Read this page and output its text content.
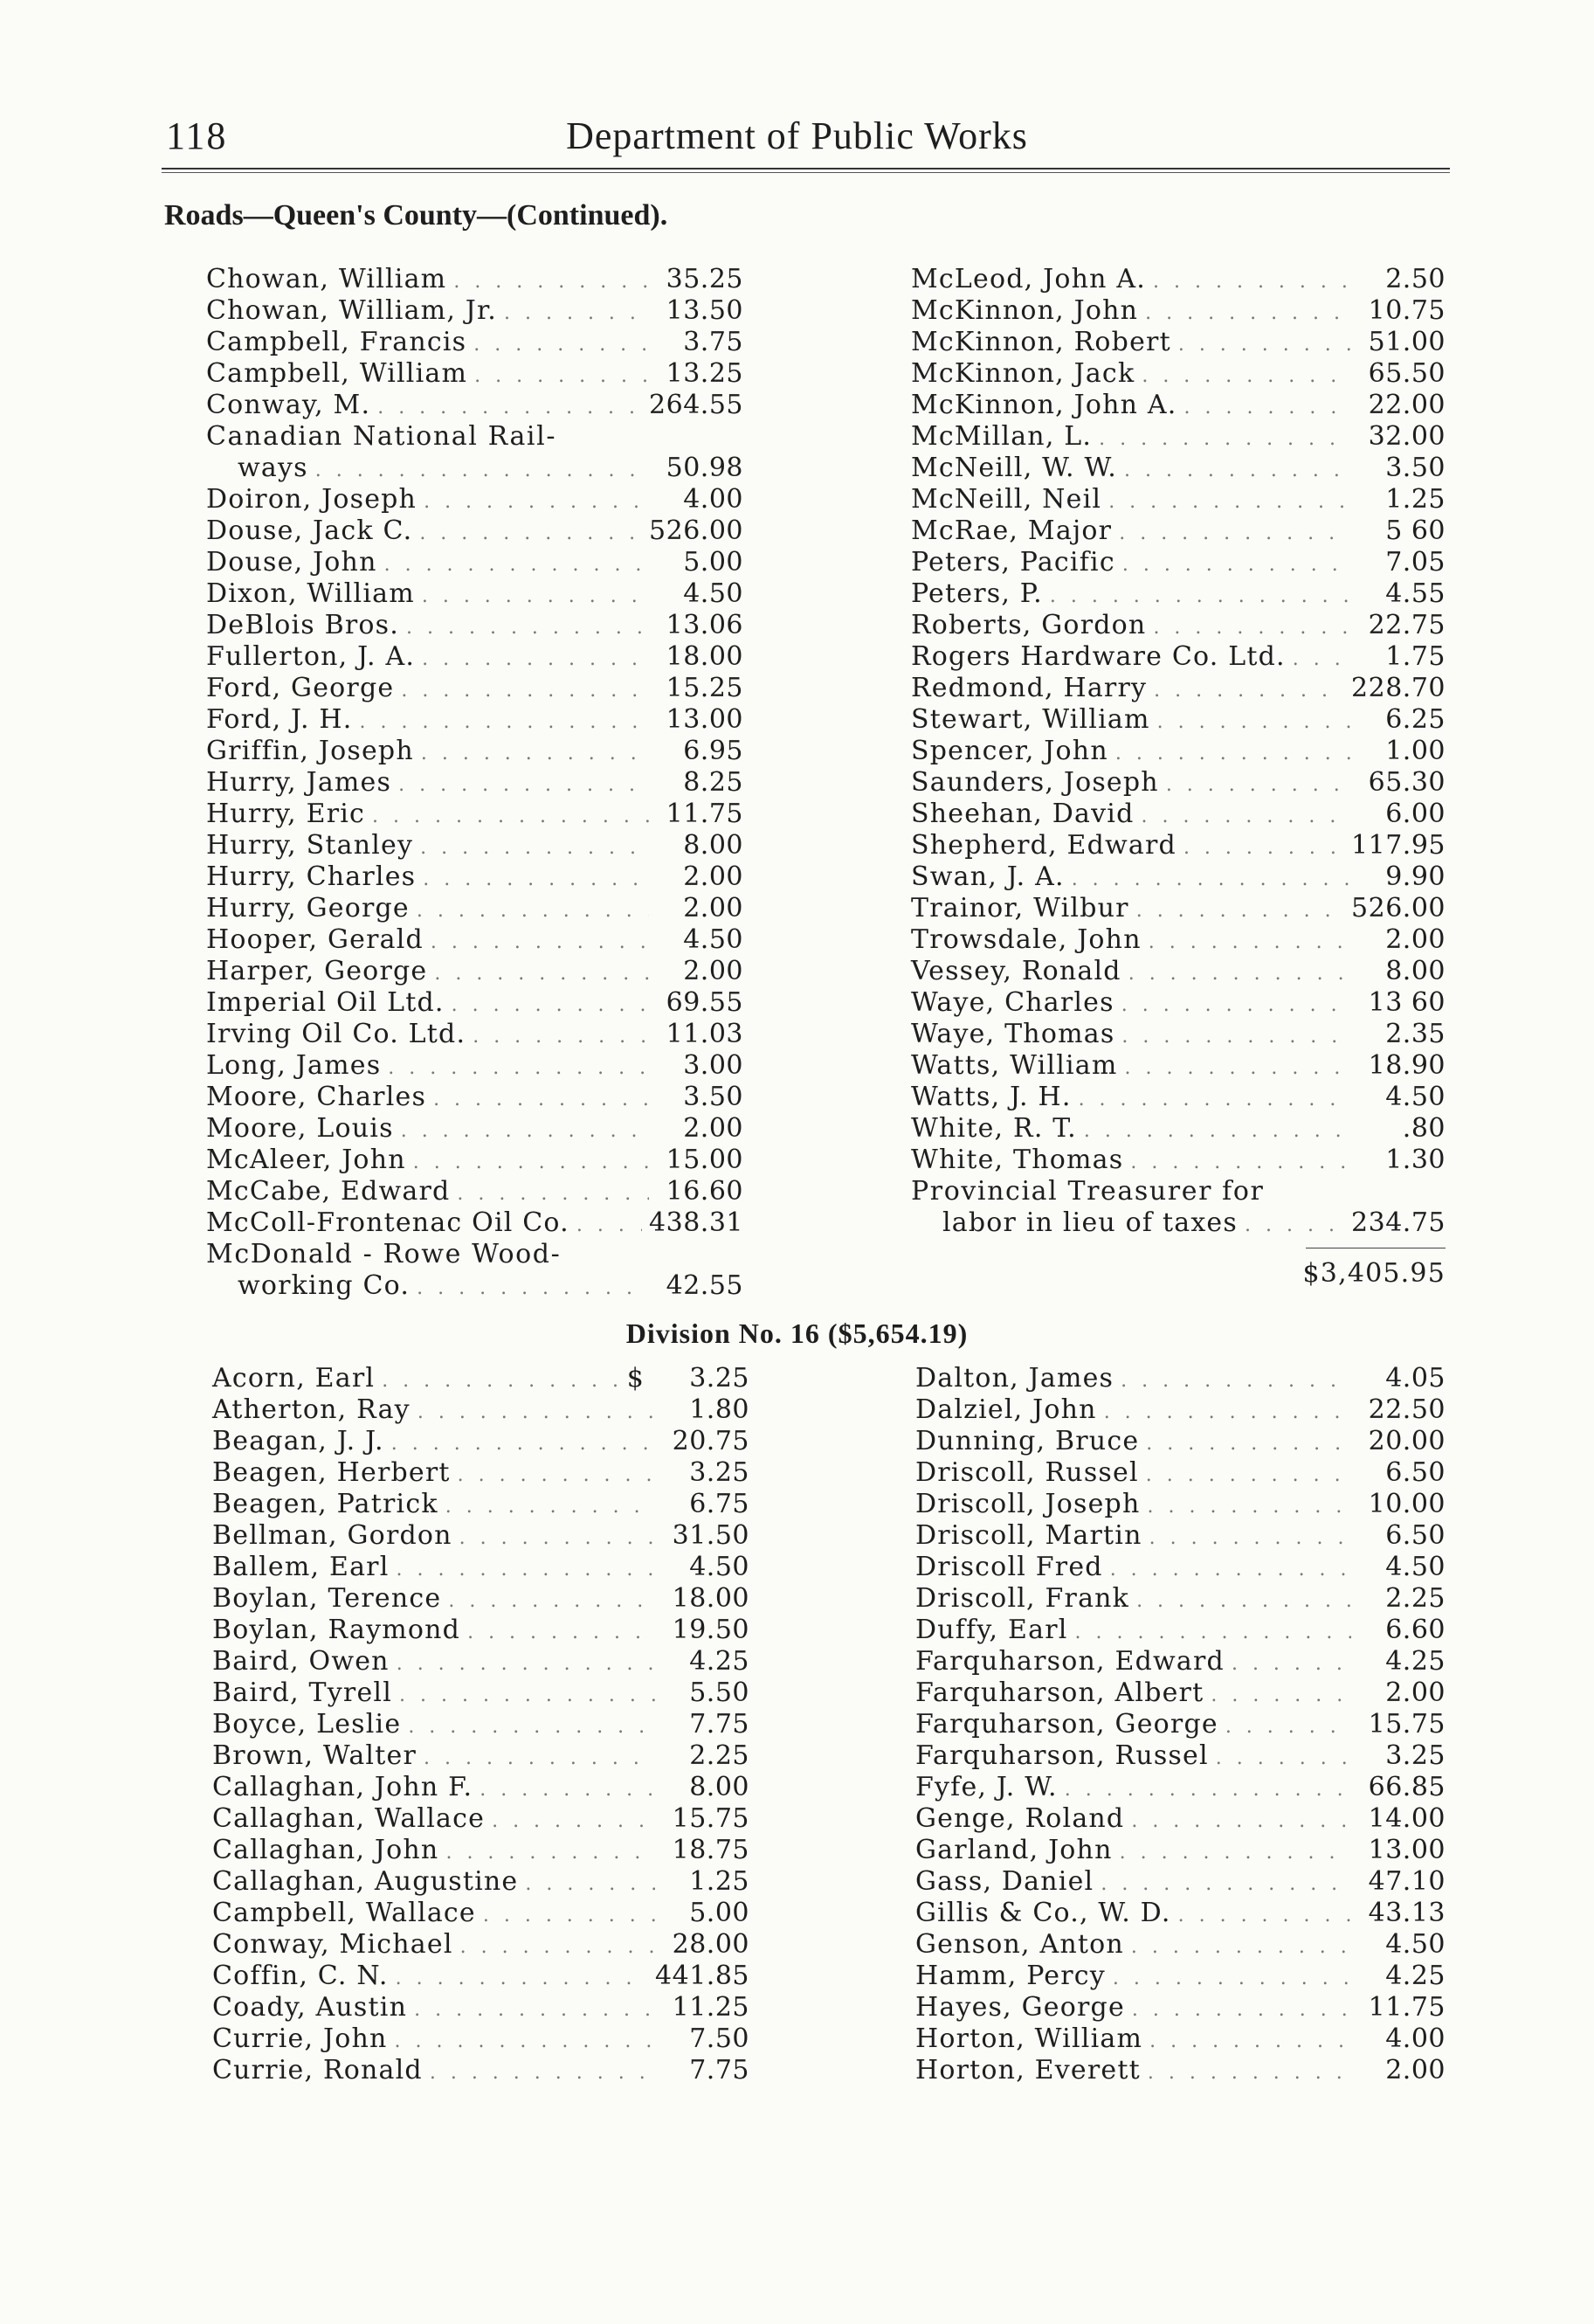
118	Department of Public Works
Roads—Queen's County—(Continued).
Chowan, William . . .	35.25
Chowan, William, Jr. . . .	13.50
Campbell, Francis . . .	3.75
Campbell, William . . .	13.25
Conway, M. . . .	264.55
Canadian National Rail-
ways . . .	50.98
Doiron, Joseph . . .	4.00
Douse, Jack C. . . .	526.00
Douse, John . . .	5.00
Dixon, William . . .	4.50
DeBlois Bros. . . .	13.06
Fullerton, J. A. . . .	18.00
Ford, George . . .	15.25
Ford, J. H. . . .	13.00
Griffin, Joseph . . .	6.95
Hurry, James . . .	8.25
Hurry, Eric . . .	11.75
Hurry, Stanley . . .	8.00
Hurry, Charles . . .	2.00
Hurry, George . . .	2.00
Hooper, Gerald . . .	4.50
Harper, George . . .	2.00
Imperial Oil Ltd. . . .	69.55
Irving Oil Co. Ltd. . . .	11.03
Long, James . . .	3.00
Moore, Charles . . .	3.50
Moore, Louis . . .	2.00
McAleer, John . . .	15.00
McCabe, Edward . . .	16.60
McColl-Frontenac Oil Co. . . .	438.31
McDonald - Rowe Wood-
working Co. . . .	42.55
McLeod, John A. . . .	2.50
McKinnon, John . . .	10.75
McKinnon, Robert . . .	51.00
McKinnon, Jack . . .	65.50
McKinnon, John A. . . .	22.00
McMillan, L. . . .	32.00
McNeill, W. W. . . .	3.50
McNeill, Neil . . .	1.25
McRae, Major . . .	5 60
Peters, Pacific . . .	7.05
Peters, P. . . .	4.55
Roberts, Gordon . . .	22.75
Rogers Hardware Co. Ltd. . . .	1.75
Redmond, Harry . . .	228.70
Stewart, William . . .	6.25
Spencer, John . . .	1.00
Saunders, Joseph . . .	65.30
Sheehan, David . . .	6.00
Shepherd, Edward . . .	117.95
Swan, J. A. . . .	9.90
Trainor, Wilbur . . .	526.00
Trowsdale, John . . .	2.00
Vessey, Ronald . . .	8.00
Waye, Charles . . .	13 60
Waye, Thomas . . .	2.35
Watts, William . . .	18.90
Watts, J. H. . . .	4.50
White, R. T. . . .	.80
White, Thomas . . .	1.30
Provincial Treasurer for
labor in lieu of taxes . . .	234.75
$3,405.95
Division No. 16 ($5,654.19)
Acorn, Earl . . .	$	3.25
Atherton, Ray . . .	1.80
Beagan, J. J. . . .	20.75
Beagen, Herbert . . .	3.25
Beagen, Patrick . . .	6.75
Bellman, Gordon . . .	31.50
Ballem, Earl . . .	4.50
Boylan, Terence . . .	18.00
Boylan, Raymond . . .	19.50
Baird, Owen . . .	4.25
Baird, Tyrell . . .	5.50
Boyce, Leslie . . .	7.75
Brown, Walter . . .	2.25
Callaghan, John F. . . .	8.00
Callaghan, Wallace . . .	15.75
Callaghan, John . . .	18.75
Callaghan, Augustine . . .	1.25
Campbell, Wallace . . .	5.00
Conway, Michael . . .	28.00
Coffin, C. N. . . .	441.85
Coady, Austin . . .	11.25
Currie, John . . .	7.50
Currie, Ronald . . .	7.75
Dalton, James . . .	4.05
Dalziel, John . . .	22.50
Dunning, Bruce . . .	20.00
Driscoll, Russel . . .	6.50
Driscoll, Joseph . . .	10.00
Driscoll, Martin . . .	6.50
Driscoll Fred . . .	4.50
Driscoll, Frank . . .	2.25
Duffy, Earl . . .	6.60
Farquharson, Edward . . .	4.25
Farquharson, Albert . . .	2.00
Farquharson, George . . .	15.75
Farquharson, Russel . . .	3.25
Fyfe, J. W. . . .	66.85
Genge, Roland . . .	14.00
Garland, John . . .	13.00
Gass, Daniel . . .	47.10
Gillis & Co., W. D. . . .	43.13
Genson, Anton . . .	4.50
Hamm, Percy . . .	4.25
Hayes, George . . .	11.75
Horton, William . . .	4.00
Horton, Everett . . .	2.00
